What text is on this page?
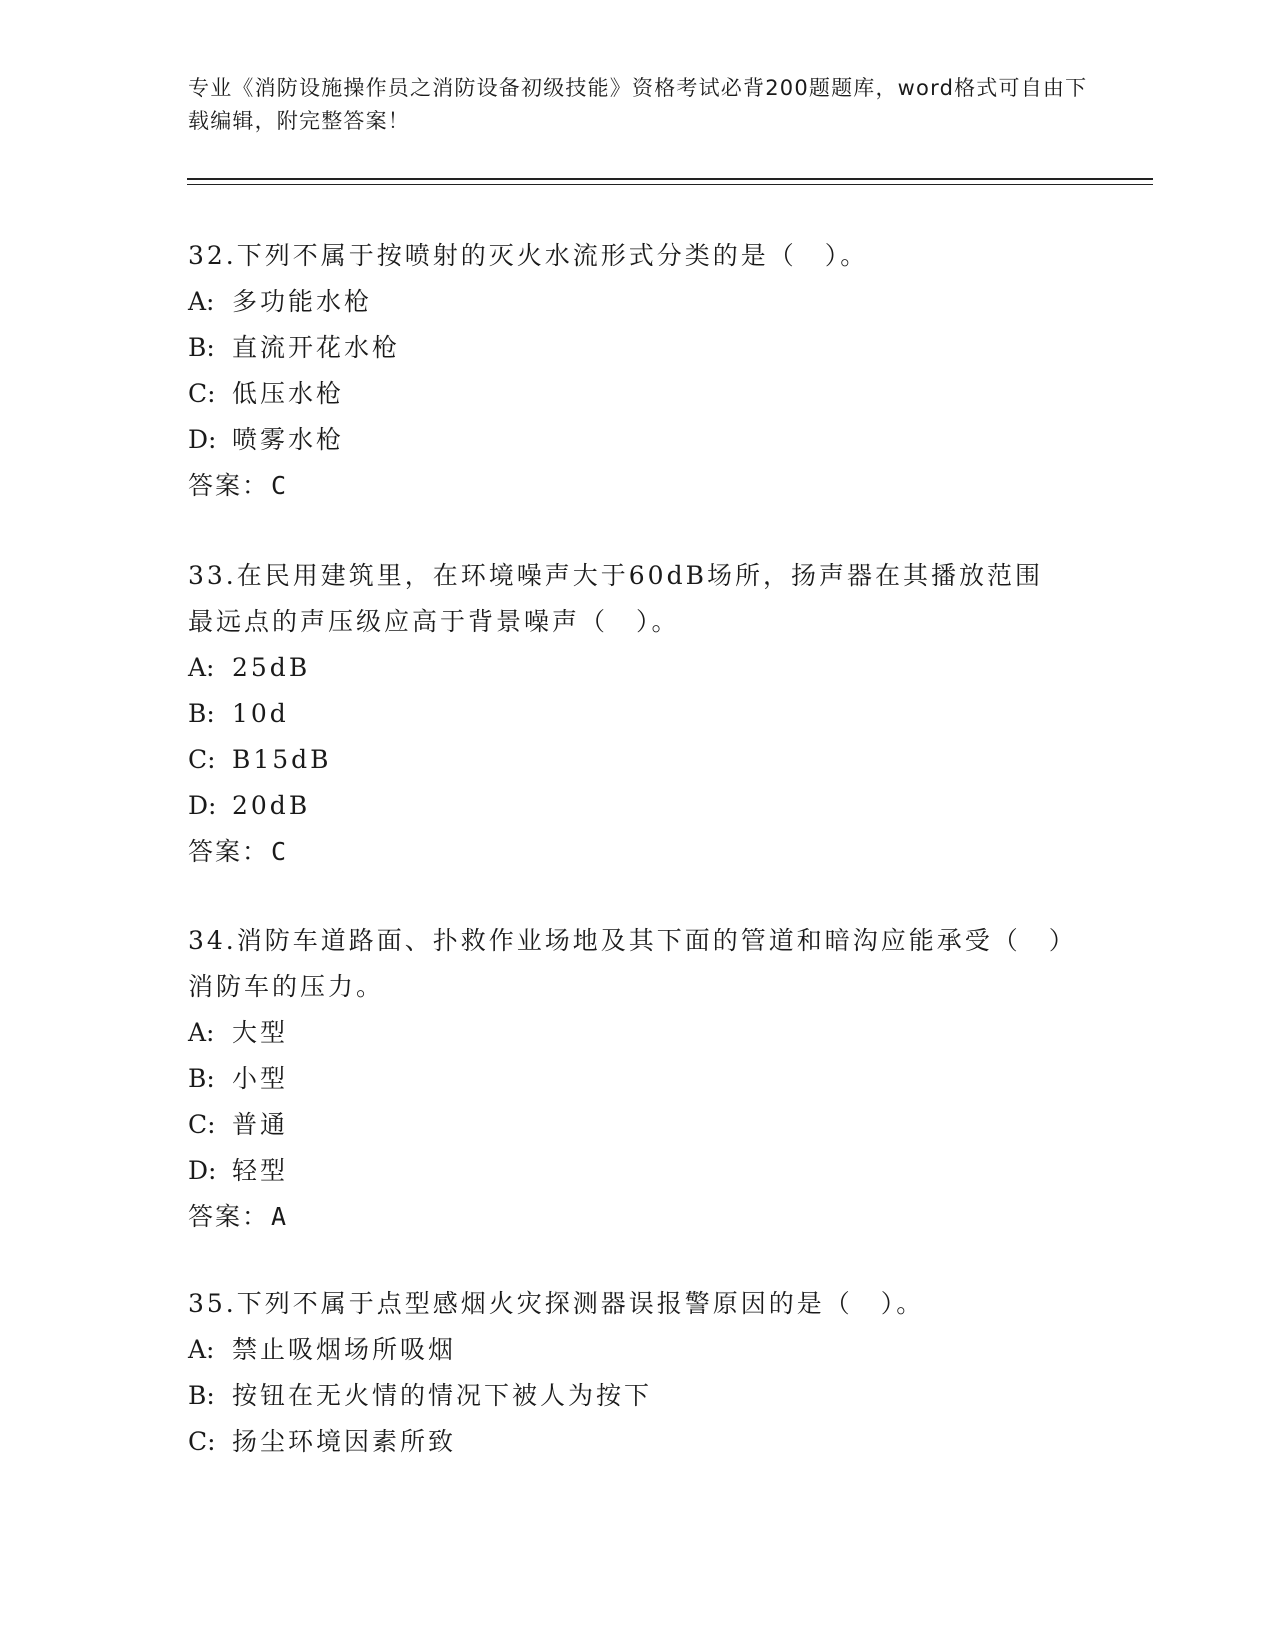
专业《消防设施操作员之消防设备初级技能》资格考试必背200题题库，word格式可自由下载编辑，附完整答案！

32.下列不属于按喷射的灭火水流形式分类的是（　）。

A: 多功能水枪
B: 直流开花水枪
C: 低压水枪
D: 喷雾水枪
答案：C

33.在民用建筑里，在环境噪声大于60dB场所，扬声器在其播放范围最远点的声压级应高于背景噪声（　）。

A: 25dB
B: 10d
C: B15dB
D: 20dB
答案：C

34.消防车道路面、扑救作业场地及其下面的管道和暗沟应能承受（　）消防车的压力。

A: 大型
B: 小型
C: 普通
D: 轻型
答案：A

35.下列不属于点型感烟火灾探测器误报警原因的是（　）。

A: 禁止吸烟场所吸烟
B: 按钮在无火情的情况下被人为按下
C: 扬尘环境因素所致
